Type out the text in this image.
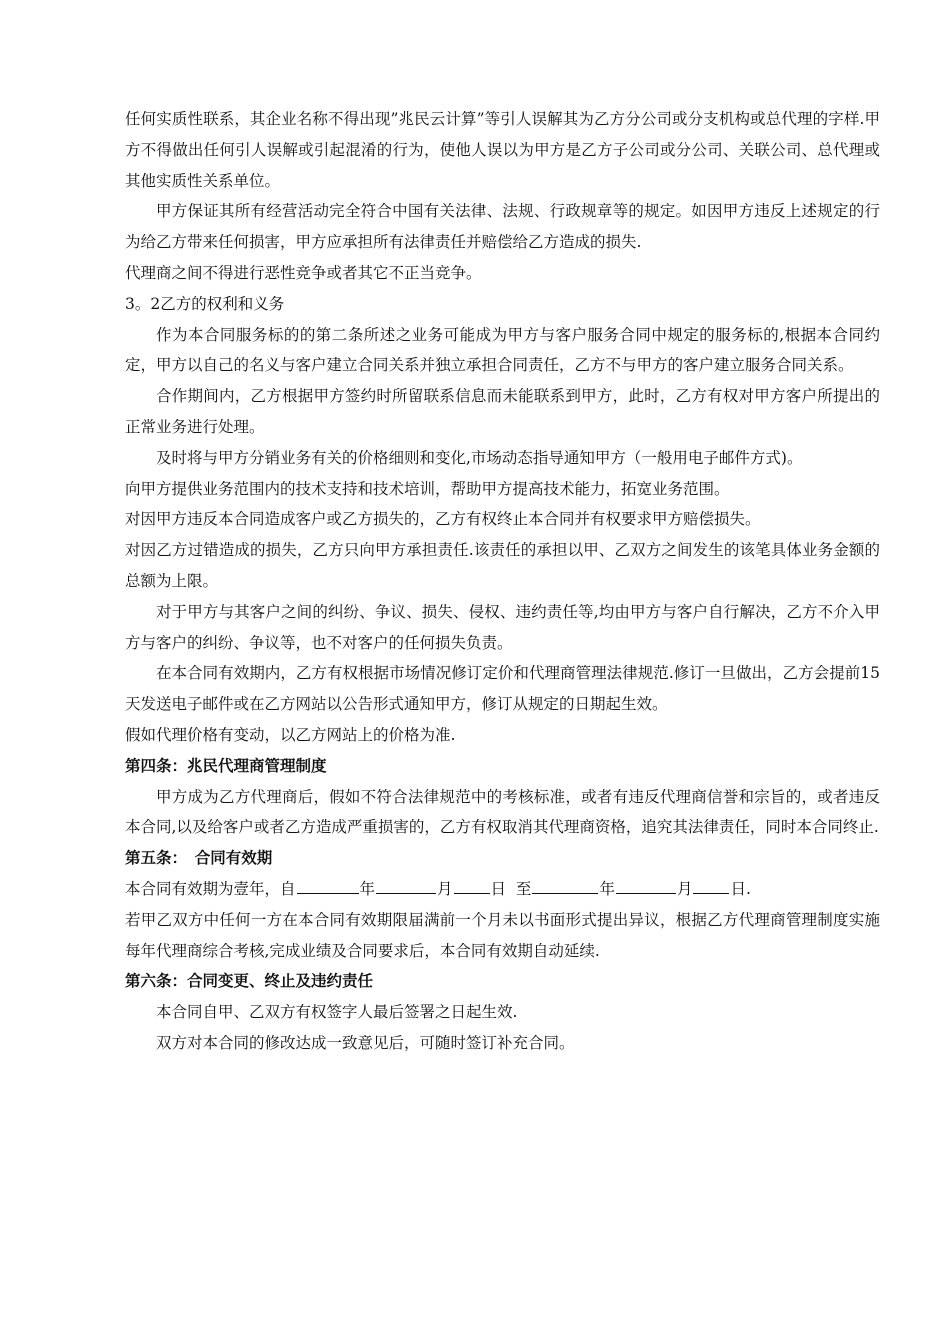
任何实质性联系，其企业名称不得出现”兆民云计算”等引人误解其为乙方分公司或分支机构或总代理的字样.甲方不得做出任何引人误解或引起混淆的行为，使他人误以为甲方是乙方子公司或分公司、关联公司、总代理或其他实质性关系单位。

甲方保证其所有经营活动完全符合中国有关法律、法规、行政规章等的规定。如因甲方违反上述规定的行为给乙方带来任何损害，甲方应承担所有法律责任并赔偿给乙方造成的损失.

代理商之间不得进行恶性竞争或者其它不正当竞争。

3。2乙方的权利和义务

作为本合同服务标的的第二条所述之业务可能成为甲方与客户服务合同中规定的服务标的,根据本合同约定，甲方以自己的名义与客户建立合同关系并独立承担合同责任，乙方不与甲方的客户建立服务合同关系。

合作期间内，乙方根据甲方签约时所留联系信息而未能联系到甲方，此时，乙方有权对甲方客户所提出的正常业务进行处理。

及时将与甲方分销业务有关的价格细则和变化,市场动态指导通知甲方（一般用电子邮件方式)。

向甲方提供业务范围内的技术支持和技术培训，帮助甲方提高技术能力，拓宽业务范围。

对因甲方违反本合同造成客户或乙方损失的，乙方有权终止本合同并有权要求甲方赔偿损失。

对因乙方过错造成的损失，乙方只向甲方承担责任.该责任的承担以甲、乙双方之间发生的该笔具体业务金额的总额为上限。

对于甲方与其客户之间的纠纷、争议、损失、侵权、违约责任等,均由甲方与客户自行解决，乙方不介入甲方与客户的纠纷、争议等，也不对客户的任何损失负责。

在本合同有效期内，乙方有权根据市场情况修订定价和代理商管理法律规范.修订一旦做出，乙方会提前15天发送电子邮件或在乙方网站以公告形式通知甲方，修订从规定的日期起生效。

假如代理价格有变动，以乙方网站上的价格为准.

第四条：兆民代理商管理制度

甲方成为乙方代理商后，假如不符合法律规范中的考核标准，或者有违反代理商信誉和宗旨的，或者违反本合同,以及给客户或者乙方造成严重损害的，乙方有权取消其代理商资格，追究其法律责任，同时本合同终止.

第五条：　合同有效期

本合同有效期为壹年，自	年	月 日 至	年	月 日.

若甲乙双方中任何一方在本合同有效期限届满前一个月未以书面形式提出异议，根据乙方代理商管理制度实施每年代理商综合考核,完成业绩及合同要求后，本合同有效期自动延续.

第六条：合同变更、终止及违约责任

本合同自甲、乙双方有权签字人最后签署之日起生效.

双方对本合同的修改达成一致意见后，可随时签订补充合同。
